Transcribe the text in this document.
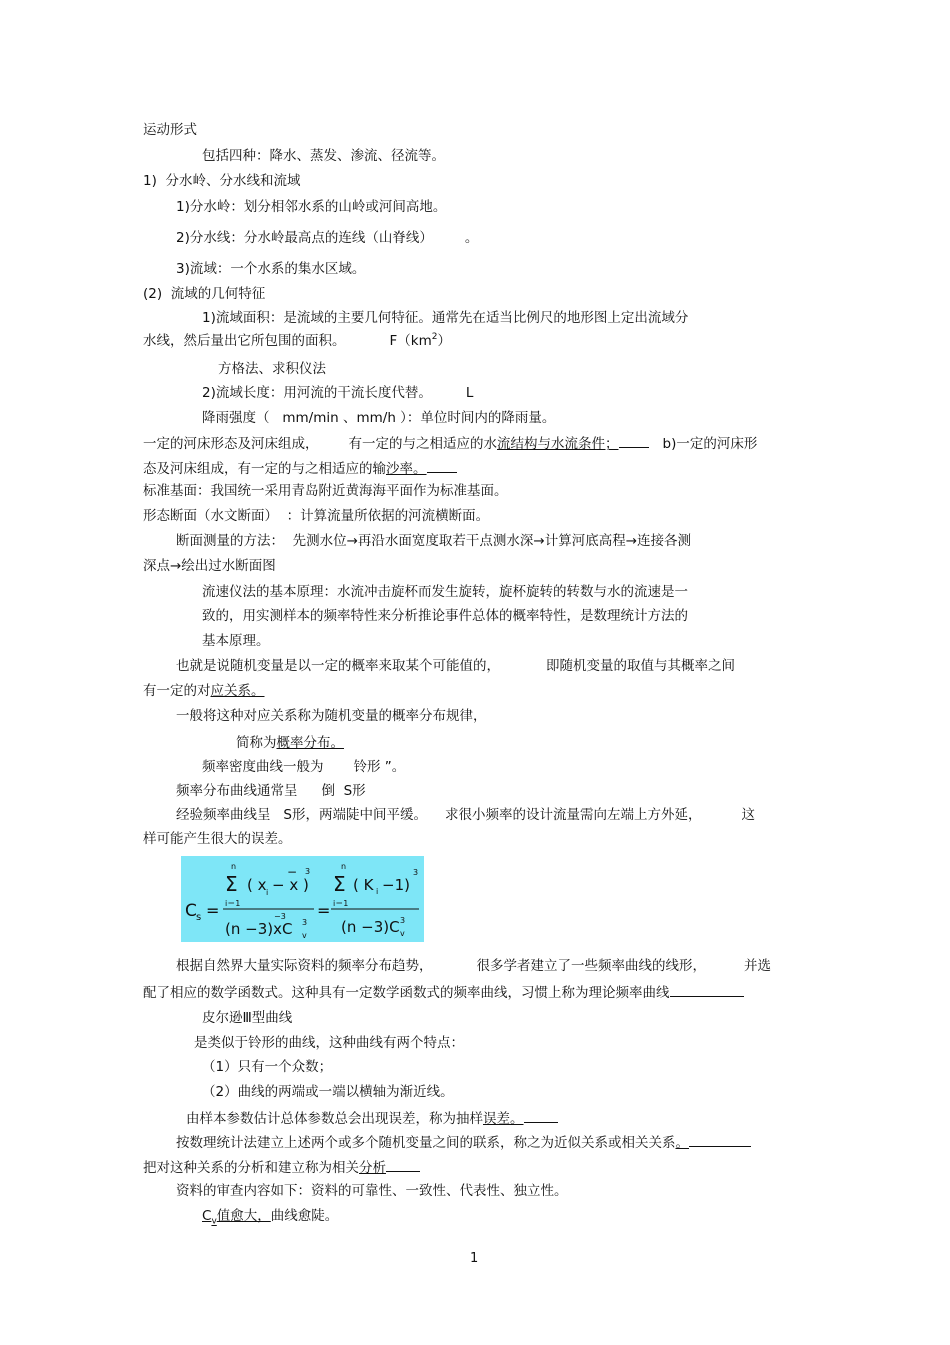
运动形式
包括四种：降水、蒸发、渗流、径流等。
1)  分水岭、分水线和流域
1)分水岭：划分相邻水系的山岭或河间高地。
2)分水线：分水岭最高点的连线（山脊线） 。
3)流域：一个水系的集水区域。
(2)  流域的几何特征
1)流域面积：是流域的主要几何特征。通常先在适当比例尺的地形图上定出流域分
水线，然后量出它所包围的面积。	$F(km^2)$
方格法、求积仪法
2)流域长度：用河流的干流长度代替。	L
降雨强度（   mm/min 、mm/h ）：单位时间内的降雨量。
一定的河床形态及河床组成， 有一定的与之相适应的水流结构与水流条件；	b)一定的河床形
态及河床组成，有一定的与之相适应的输沙率。
标准基面：我国统一采用青岛附近黄海海平面作为标准基面。
形态断面（水文断面）  ：计算流量所依据的河流横断面。
断面测量的方法：  先测水位→再沿水面宽度取若干点测水深→计算河底高程→连接各测
深点→绘出过水断面图
流速仪法的基本原理：水流冲击旋杯而发生旋转，旋杯旋转的转数与水的流速是一
致的，用实测样本的频率特性来分析推论事件总体的概率特性，是数理统计方法的
基本原理。
也就是说随机变量是以一定的概率来取某个可能值的，	即随机变量的取值与其概率之间
有一定的对应关系。
一般将这种对应关系称为随机变量的概率分布规律，
简称为概率分布。
频率密度曲线一般为 铃形 ”。
频率分布曲线通常呈 倒  S形
经验频率曲线呈   S形，两端陡中间平缓。 求很小频率的设计流量需向左端上方外延，	这
样可能产生很大的误差。
C s =
n
Σ
i＝1
( x i − x )
− 3
(n −3)x
−3
C v
3
=
n
Σ
i＝1
( K i −1)
3
(n −3)C v
3
根据自然界大量实际资料的频率分布趋势，	很多学者建立了一些频率曲线的线形，	并选
配了相应的数学函数式。这种具有一定数学函数式的频率曲线，习惯上称为理论频率曲线
皮尔逊Ⅲ型曲线
是类似于铃形的曲线，这种曲线有两个特点：
（1）只有一个众数；
（2）曲线的两端或一端以横轴为渐近线。
由样本参数估计总体参数总会出现误差，称为抽样误差。
按数理统计法建立上述两个或多个随机变量之间的联系，称之为近似关系或相关关系。
把对这种关系的分析和建立称为相关分析
资料的审查内容如下：资料的可靠性、一致性、代表性、独立性。
$C_v$值愈大，曲线愈陡。
1
